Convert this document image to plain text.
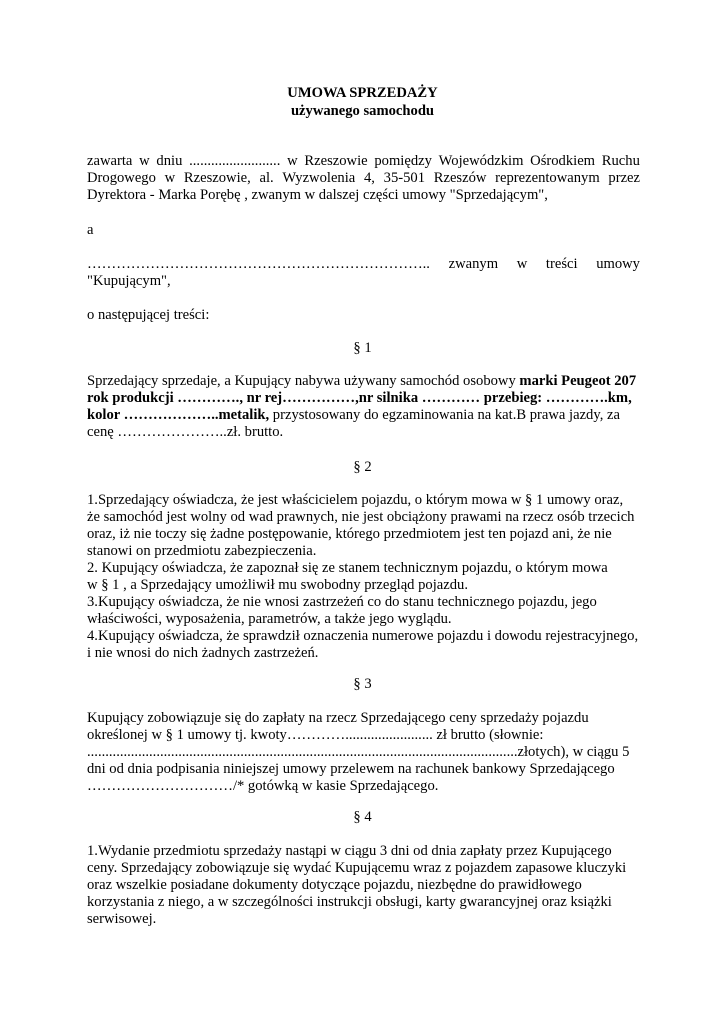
UMOWA SPRZEDAŻY
używanego samochodu
zawarta w dniu ......................... w Rzeszowie pomiędzy Wojewódzkim Ośrodkiem Ruchu
Drogowego w Rzeszowie, al. Wyzwolenia 4, 35-501 Rzeszów reprezentowanym przez
Dyrektora - Marka Porębę , zwanym w dalszej części umowy "Sprzedającym",
a
…………………………………………………………….. zwanym w treści umowy
"Kupującym",
o następującej treści:
§ 1
Sprzedający sprzedaje, a Kupujący nabywa używany samochód osobowy marki Peugeot 207
rok produkcji …………., nr rej……………,nr silnika ………… przebieg: ………….km,
kolor ………………..metalik, przystosowany do egzaminowania na kat.B prawa jazdy, za
cenę …………………..zł. brutto.
§ 2
1.Sprzedający oświadcza, że jest właścicielem pojazdu, o którym mowa w § 1 umowy oraz,
że samochód jest wolny od wad prawnych, nie jest obciążony prawami na rzecz osób trzecich
oraz, iż nie toczy się żadne postępowanie, którego przedmiotem jest ten pojazd ani, że nie
stanowi on przedmiotu zabezpieczenia.
2. Kupujący oświadcza, że zapoznał się ze stanem technicznym pojazdu, o którym mowa
w § 1 , a Sprzedający umożliwił mu swobodny przegląd pojazdu.
3.Kupujący oświadcza, że nie wnosi zastrzeżeń co do stanu technicznego pojazdu, jego
właściwości, wyposażenia, parametrów, a także jego wyglądu.
4.Kupujący oświadcza, że sprawdził oznaczenia numerowe pojazdu i dowodu rejestracyjnego,
i nie wnosi do nich żadnych zastrzeżeń.
§ 3
Kupujący zobowiązuje się do zapłaty na rzecz Sprzedającego ceny sprzedaży pojazdu
określonej w § 1 umowy tj. kwoty…………........................ zł brutto (słownie:
......................................................................................................................złotych), w ciągu 5
dni od dnia podpisania niniejszej umowy przelewem na rachunek bankowy Sprzedającego
…………………………/* gotówką w kasie Sprzedającego.
§ 4
1.Wydanie przedmiotu sprzedaży nastąpi w ciągu 3 dni od dnia zapłaty przez Kupującego
ceny. Sprzedający zobowiązuje się wydać Kupującemu wraz z pojazdem zapasowe kluczyki
oraz wszelkie posiadane dokumenty dotyczące pojazdu, niezbędne do prawidłowego
korzystania z niego, a w szczególności instrukcji obsługi, karty gwarancyjnej oraz książki
serwisowej.
